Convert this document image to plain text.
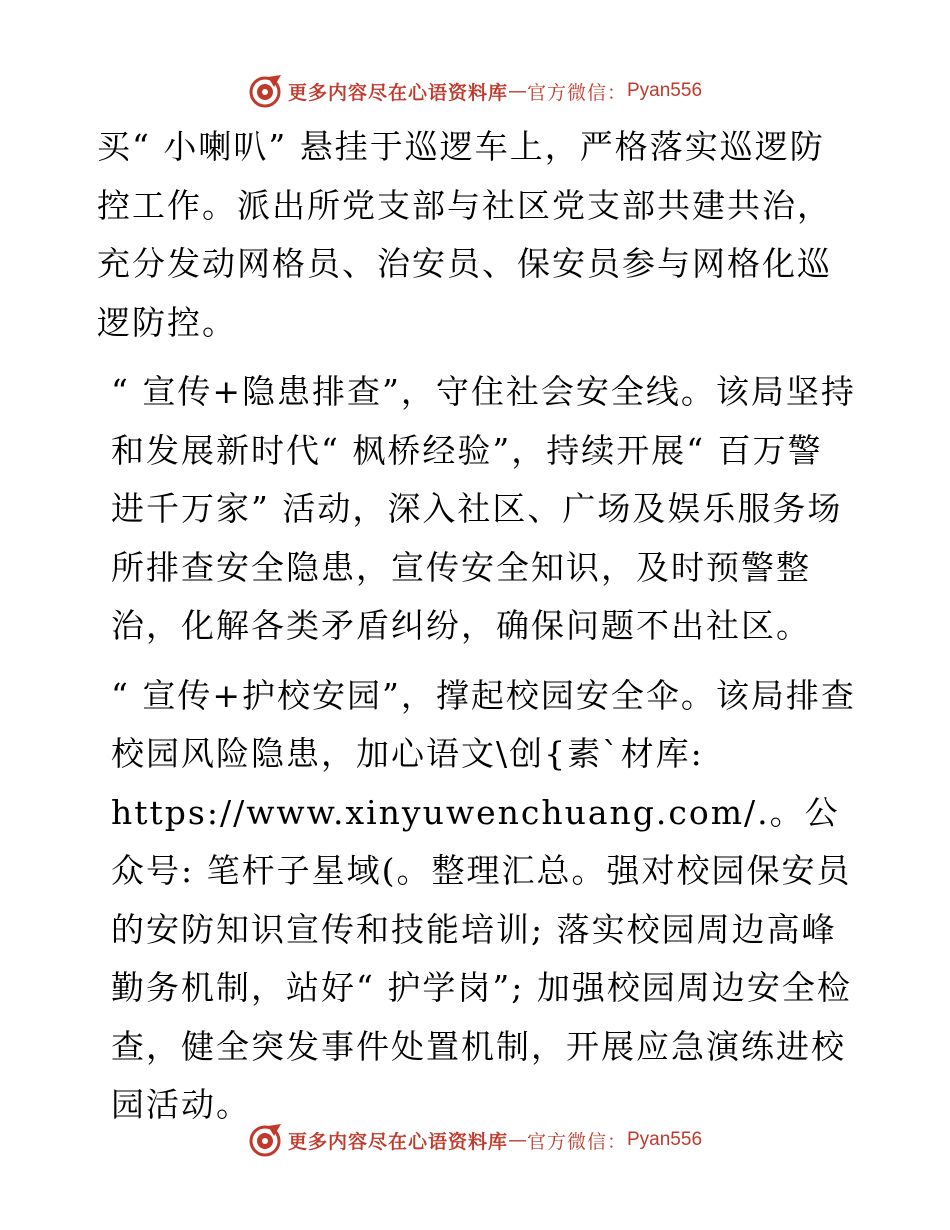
更多内容尽在心语资料库 — 官方微信： Pyan556

买“ 小喇叭” 悬挂于巡逻车上，严格落实巡逻防控工作。派出所党支部与社区党支部共建共治，充分发动网格员、治安员、保安员参与网格化巡逻防控。

“ 宣传+隐患排查”，守住社会安全线。该局坚持和发展新时代“ 枫桥经验”，持续开展“ 百万警进千万家” 活动，深入社区、广场及娱乐服务场所排查安全隐患，宣传安全知识，及时预警整治，化解各类矛盾纠纷，确保问题不出社区。

“ 宣传+护校安园”，撑起校园安全伞。该局排查校园风险隐患，加心语文\创{素`材库: https://www.xinyuwenchuang.com/.。公众号: 笔杆子星域(。整理汇总。强对校园保安员的安防知识宣传和技能培训; 落实校园周边高峰勤务机制，站好“ 护学岗”; 加强校园周边安全检查，健全突发事件处置机制，开展应急演练进校园活动。

更多内容尽在心语资料库 — 官方微信： Pyan556
